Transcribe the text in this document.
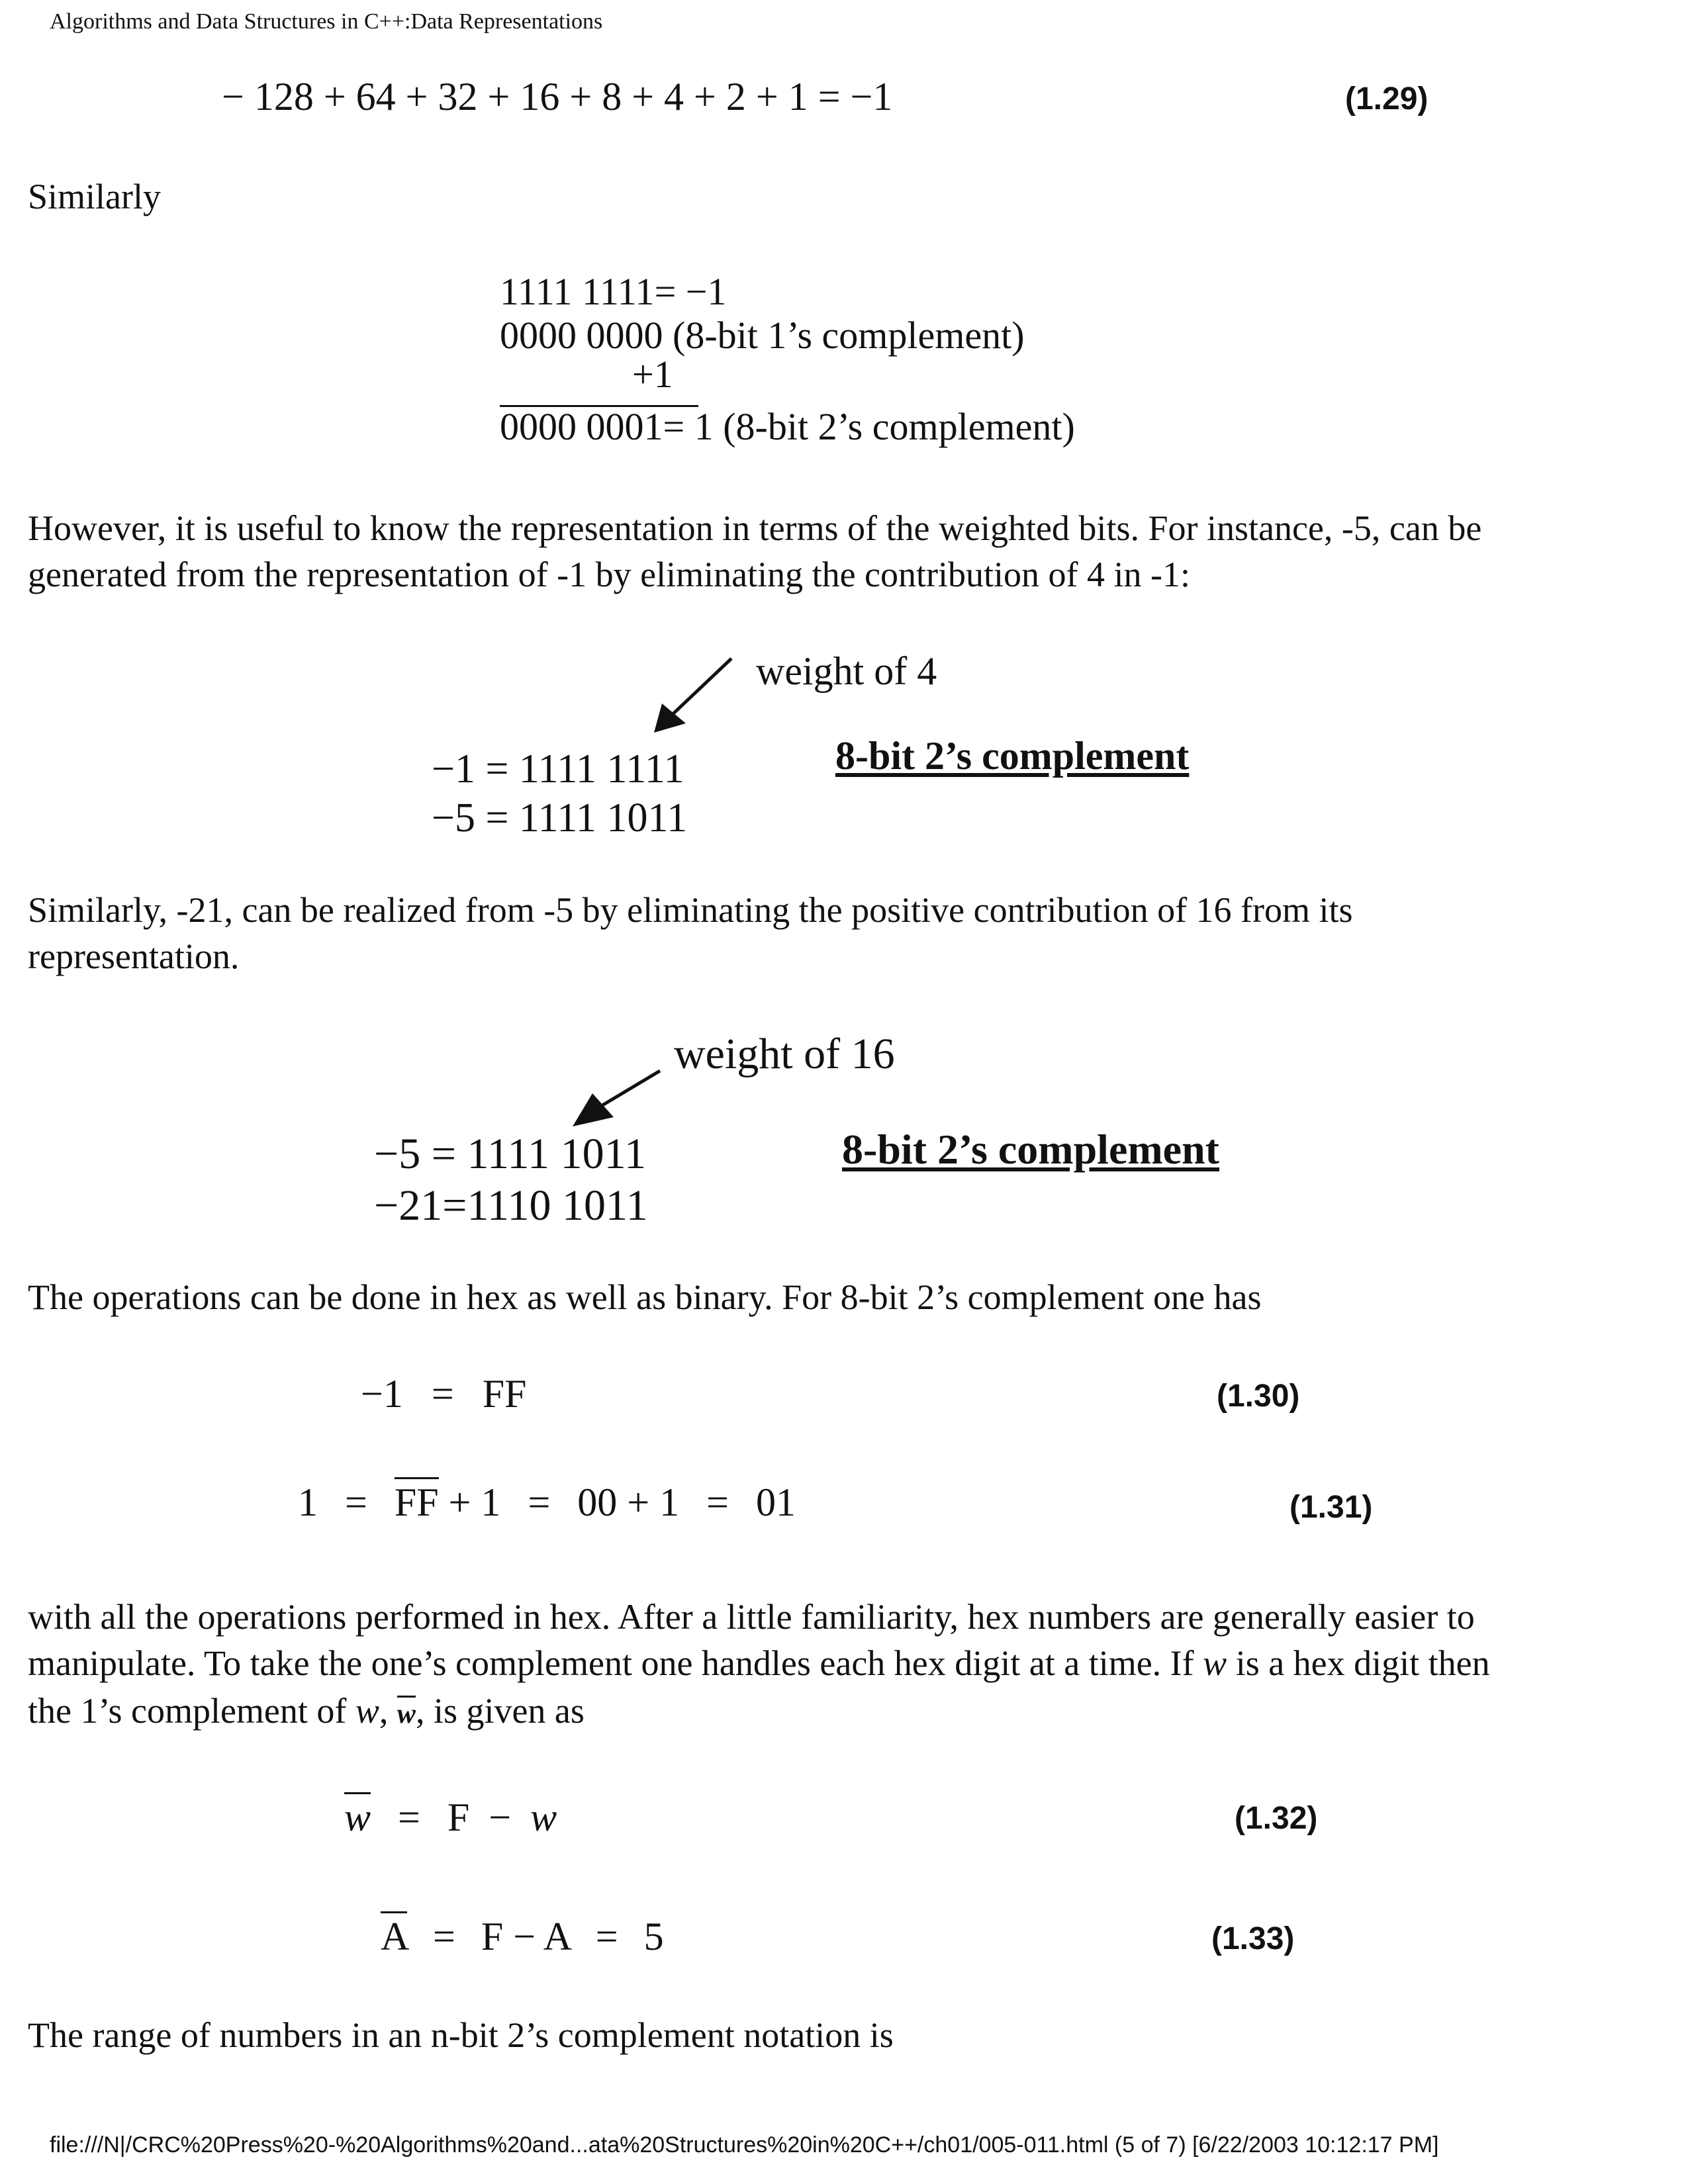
Algorithms and Data Structures in C++:Data Representations
− 128 + 64 + 32 + 16 + 8 + 4 + 2 + 1 = −1	(1.29)
Similarly
1111 1111= −1
0000 0000 (8-bit 1’s complement)
+1
0000 0001= 1 (8-bit 2’s complement)
However, it is useful to know the representation in terms of the weighted bits. For instance, -5, can be
generated from the representation of -1 by eliminating the contribution of 4 in -1:
weight of 4
8-bit 2’s complement
−1 = 1111 1111
−5 = 1111 1011
Similarly, -21, can be realized from -5 by eliminating the positive contribution of 16 from its
representation.
weight of 16
8-bit 2’s complement
−5 = 1111 1011
−21=1110 1011
The operations can be done in hex as well as binary. For 8-bit 2’s complement one has
−1 = FF	(1.30)
1 = FF + 1 = 00 + 1 = 01	(1.31)
with all the operations performed in hex. After a little familiarity, hex numbers are generally easier to
manipulate. To take the one’s complement one handles each hex digit at a time. If w is a hex digit then
the 1’s complement of w, w, is given as
w = F − w	(1.32)
A = F − A = 5	(1.33)
The range of numbers in an n-bit 2’s complement notation is
file:///N|/CRC%20Press%20-%20Algorithms%20and...ata%20Structures%20in%20C++/ch01/005-011.html (5 of 7) [6/22/2003 10:12:17 PM]
